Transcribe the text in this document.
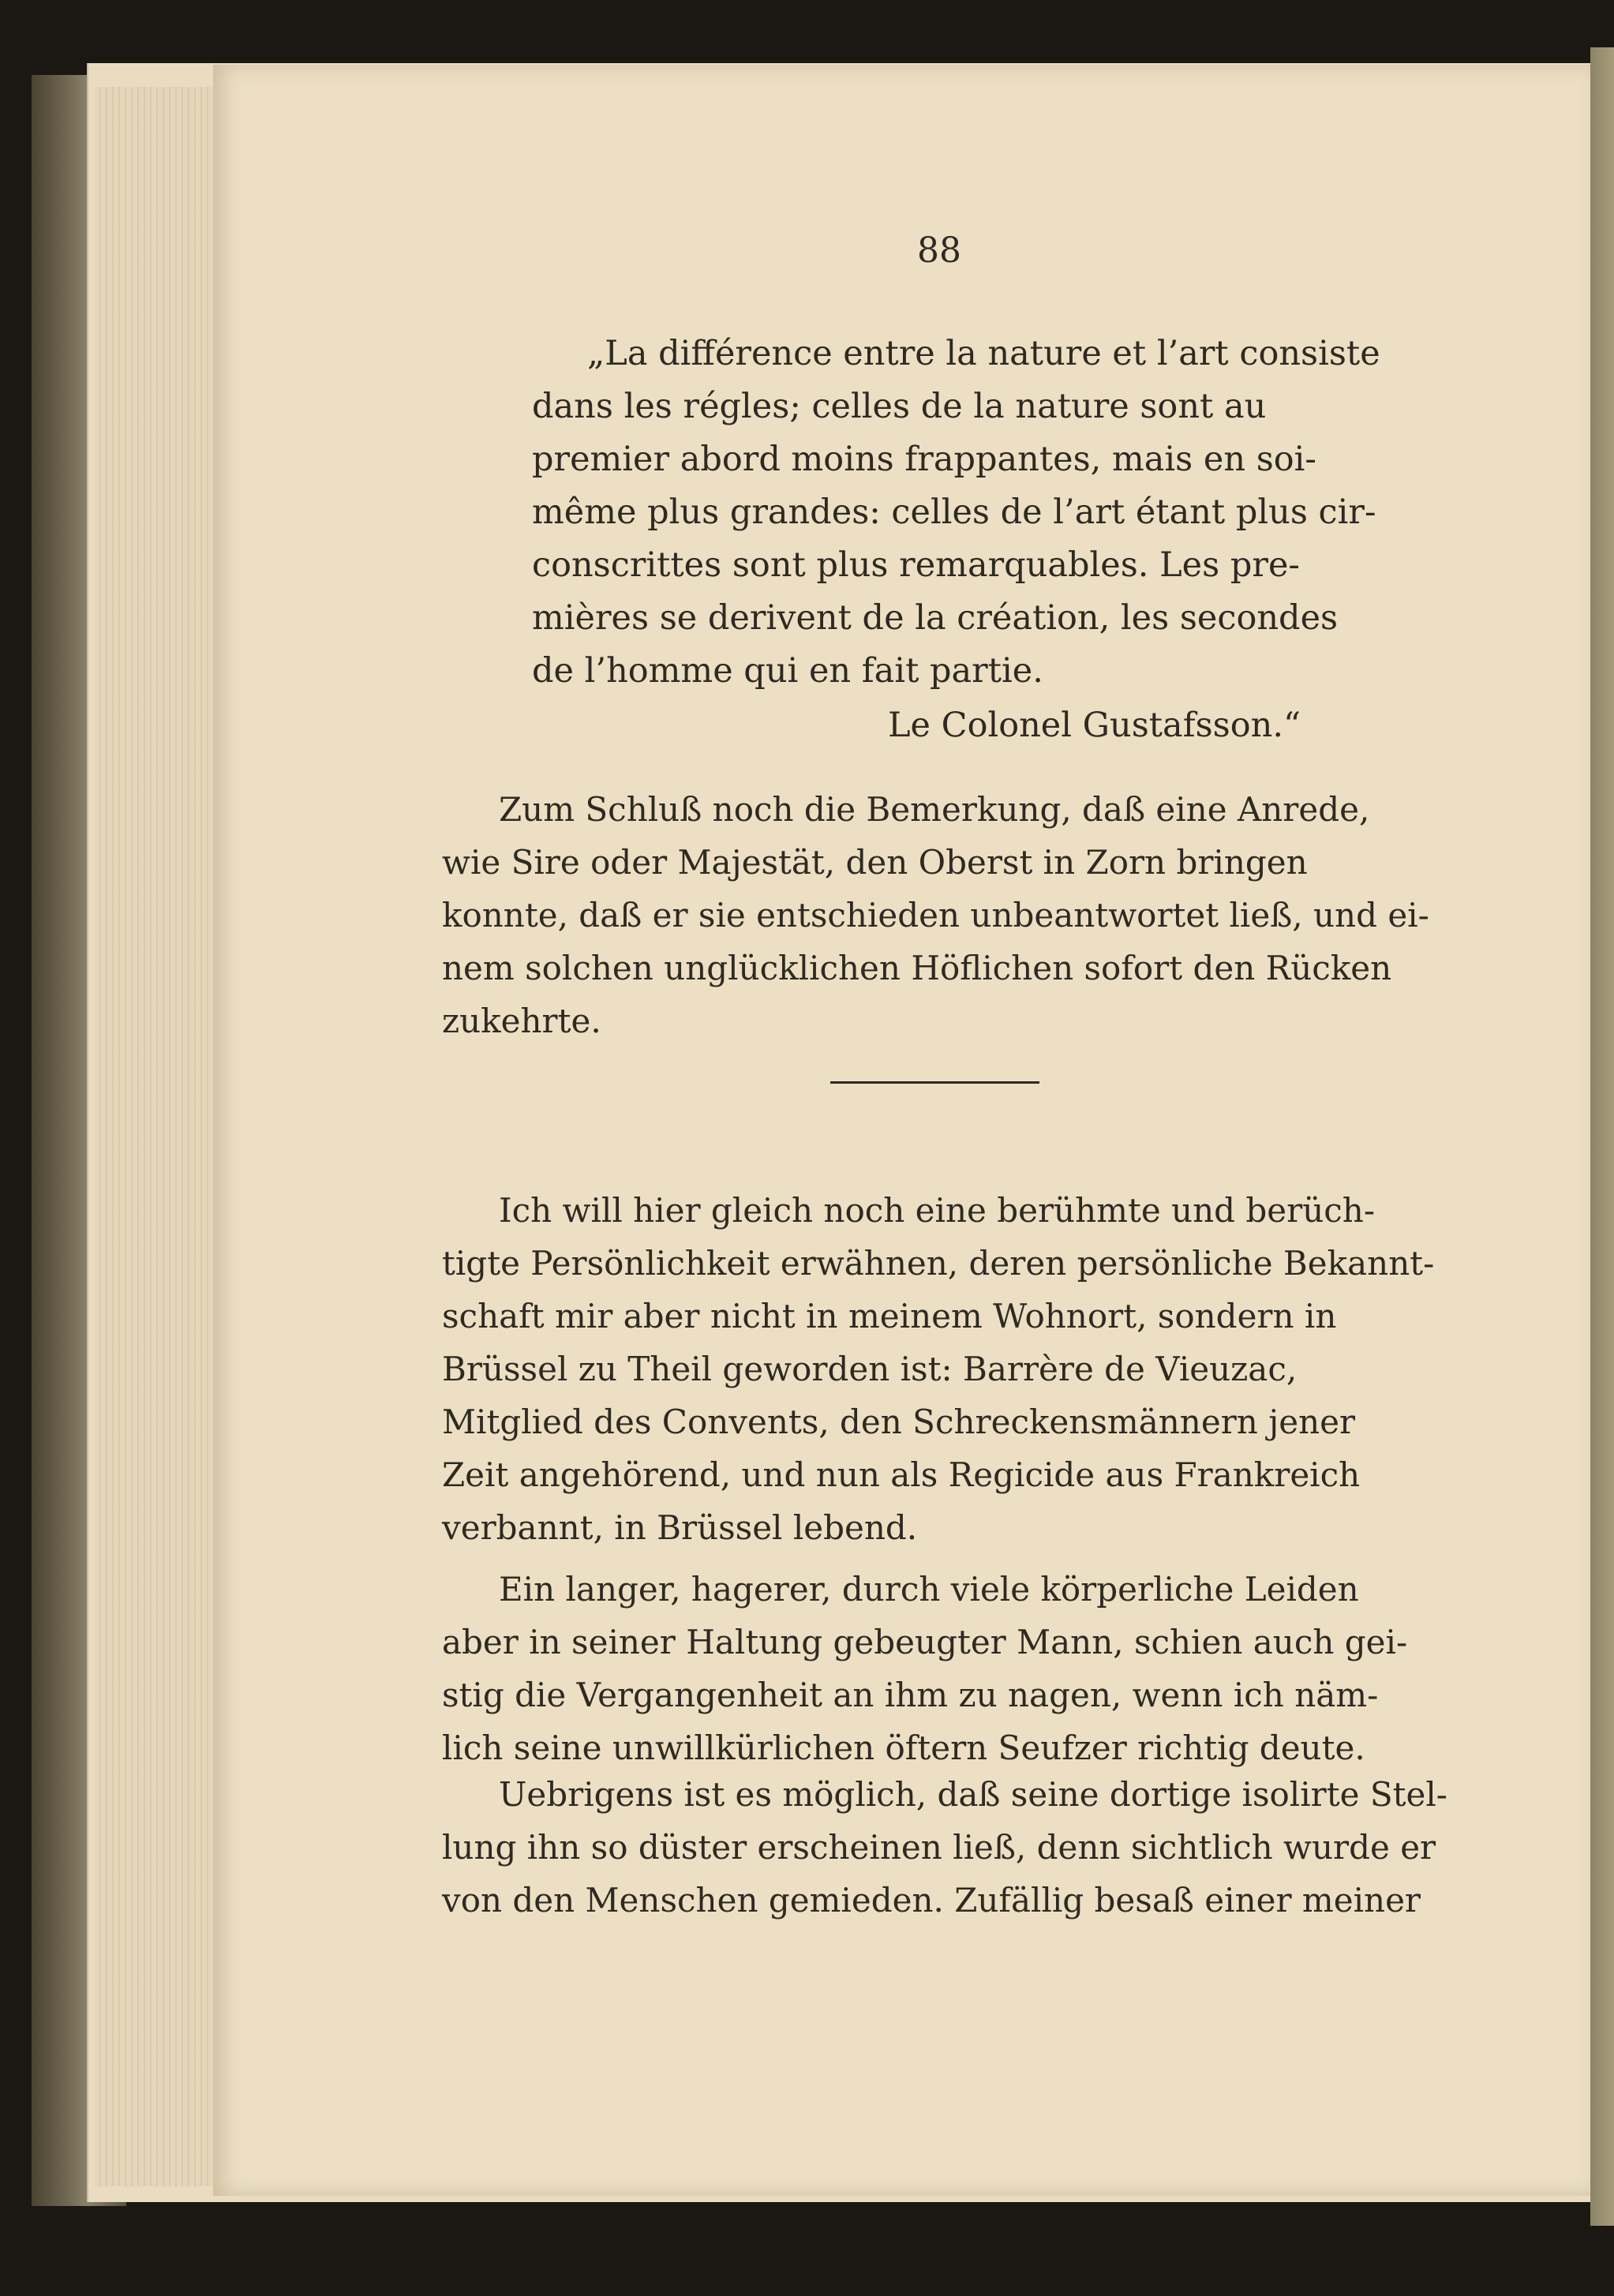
88
„La différence entre la nature et l’art consiste
dans les régles; celles de la nature sont au
premier abord moins frappantes, mais en soi-
même plus grandes: celles de l’art étant plus cir-
conscrittes sont plus remarquables. Les pre-
mières se derivent de la création, les secondes
de l’homme qui en fait partie.
Le Colonel Gustafsson.“
Zum Schluß noch die Bemerkung, daß eine Anrede,
wie Sire oder Majestät, den Oberst in Zorn bringen
konnte, daß er sie entschieden unbeantwortet ließ, und ei-
nem solchen unglücklichen Höflichen sofort den Rücken
zukehrte.
Ich will hier gleich noch eine berühmte und berüch-
tigte Persönlichkeit erwähnen, deren persönliche Bekannt-
schaft mir aber nicht in meinem Wohnort, sondern in
Brüssel zu Theil geworden ist: Barrère de Vieuzac,
Mitglied des Convents, den Schreckensmännern jener
Zeit angehörend, und nun als Regicide aus Frankreich
verbannt, in Brüssel lebend.
Ein langer, hagerer, durch viele körperliche Leiden
aber in seiner Haltung gebeugter Mann, schien auch gei-
stig die Vergangenheit an ihm zu nagen, wenn ich näm-
lich seine unwillkürlichen öftern Seufzer richtig deute.
Uebrigens ist es möglich, daß seine dortige isolirte Stel-
lung ihn so düster erscheinen ließ, denn sichtlich wurde er
von den Menschen gemieden. Zufällig besaß einer meiner
